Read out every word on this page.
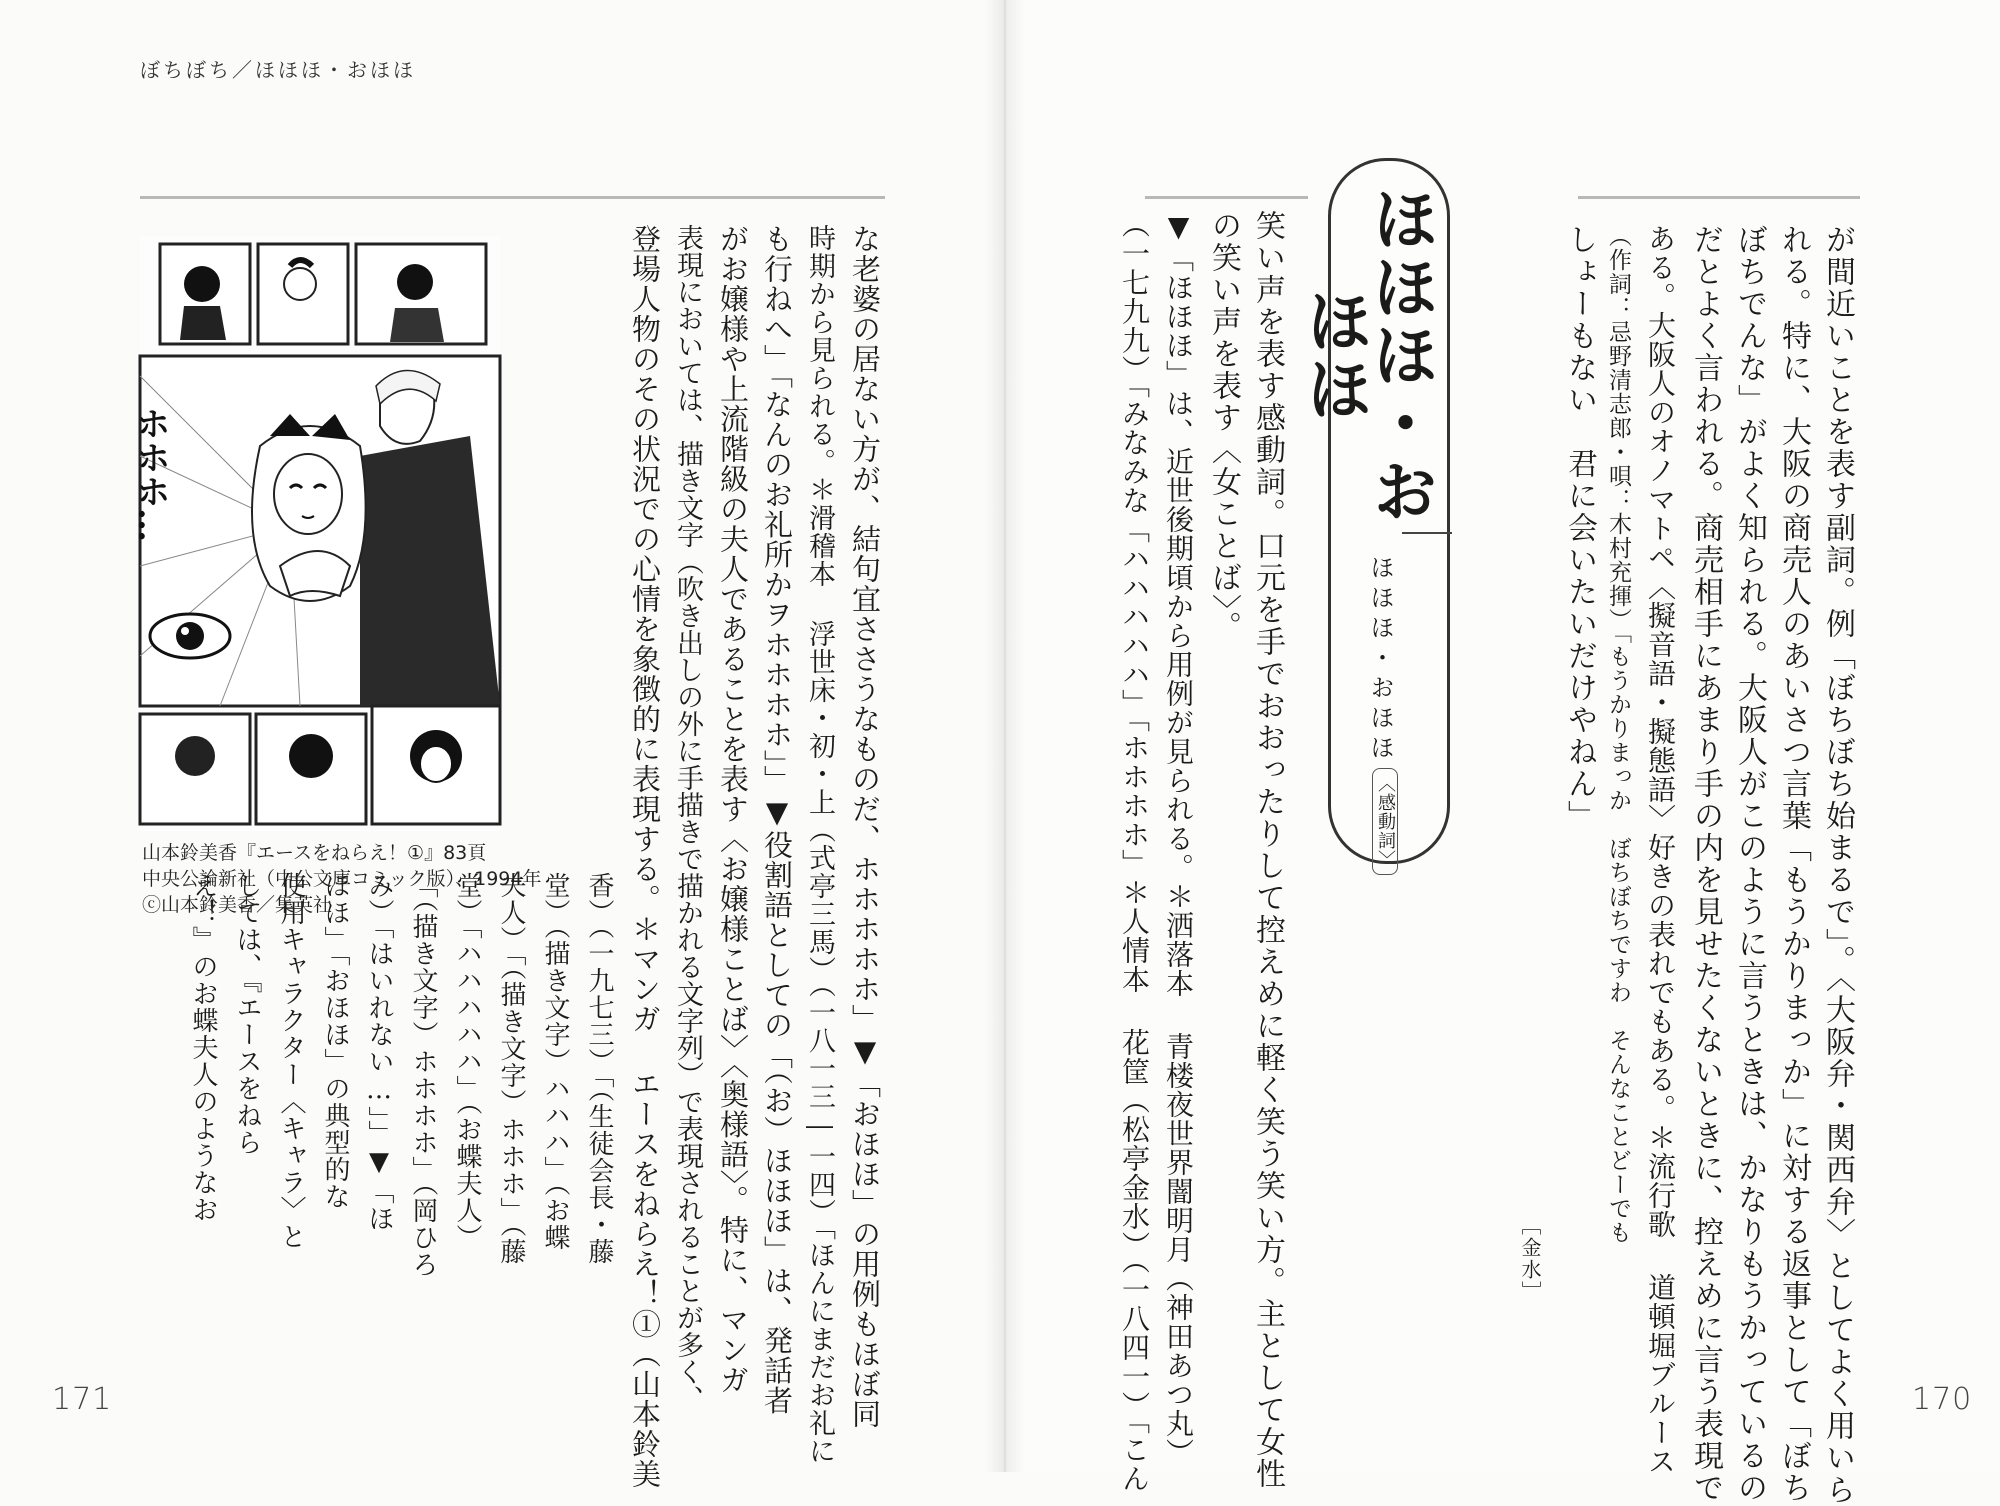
ぼちぼち／ほほほ・おほほ
171	170
が間近いことを表す副詞。例「ぼちぼち始まるで」。〈大阪弁・関西弁〉としてよく用いら
れる。特に、大阪の商売人のあいさつ言葉「もうかりまっか」に対する返事として「ぼち
ぼちでんな」がよく知られる。大阪人がこのように言うときは、かなりもうかっているの
だとよく言われる。商売相手にあまり手の内を見せたくないときに、控えめに言う表現で
ある。大阪人のオノマトペ〈擬音語・擬態語〉好きの表れでもある。＊流行歌 道頓堀ブルース
（作詞：忌野清志郎・唄：木村充揮）「もうかりまっか　ぼちぼちですわ　そんなことどーでも
しょーもない　君に会いたいだけやねん」
［金水］
ほほほ・おほほ
ほほほ・おほほ
〈感動詞〉
笑い声を表す感動詞。口元を手でおおったりして控えめに軽く笑う笑い方。主として女性
の笑い声を表す〈女ことば〉。
▼「ほほほ」は、近世後期頃から用例が見られる。＊洒落本 青楼夜世界闇明月（神田あつ丸）
（一七九九）「みなみな「ハハハハハ」「ホホホホ」＊人情本 花筐（松亭金水）（一八四一）「こん
な老婆の居ない方が、結句宜ささうなものだ、ホホホホホ」▼「おほほ」の用例もほぼ同
時期から見られる。＊滑稽本 浮世床・初・上（式亭三馬）（一八一三―一四）「ほんにまだお礼に
も行ねへ」「なんのお礼所かヲホホホホ」」▼役割語としての「（お）ほほほ」は、発話者
がお嬢様や上流階級の夫人であることを表す〈お嬢様ことば〉〈奥様語〉。特に、マンガ
表現においては、描き文字（吹き出しの外に手描きで描かれる文字列）で表現されることが多く、
登場人物のその状況での心情を象徴的に表現する。＊マンガ エースをねらえ！①（山本鈴美
香）（一九七三）「（生徒会長・藤
堂）（描き文字）ハハハ」（お蝶
夫人）「（描き文字）ホホホ」（藤
堂）「ハハハハハ」（お蝶夫人）
「（描き文字）ホホホホ」（岡ひろ
み）「はいれない…」」▼「ほ
ほほ」「おほほ」の典型的な
使用キャラクター〈キャラ〉と
しては、『エースをねら
え！』のお蝶夫人のようなお
ホホホ…
山本鈴美香『エースをねらえ！①』83頁
中央公論新社（中公文庫コミック版）、1994年
ⓒ山本鈴美香／集英社
